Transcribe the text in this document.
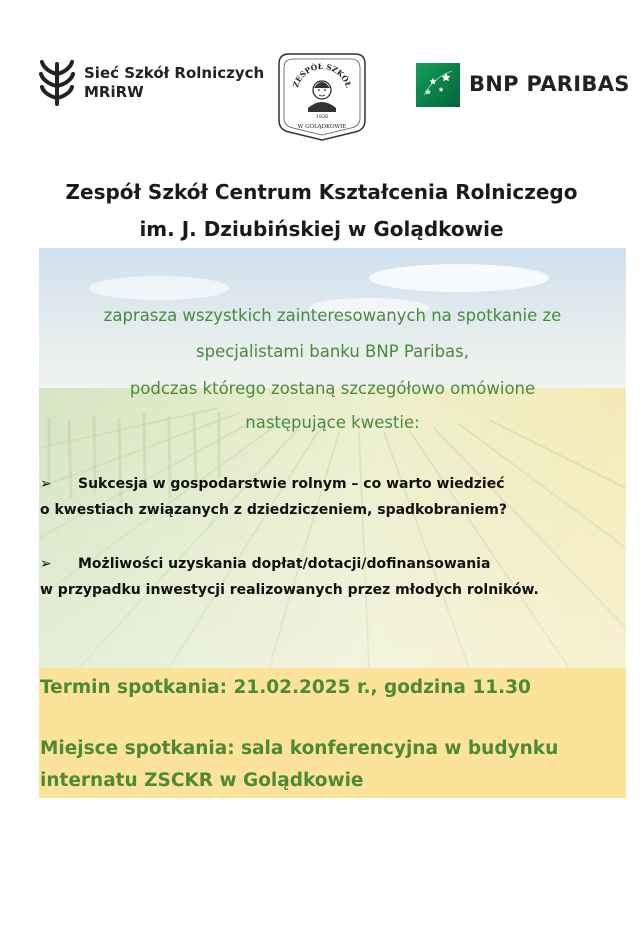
Sieć Szkół Rolniczych
MRiRW	ZESPÓŁ SZKÓŁ
1926
W GOLĄDKOWIE
BNP PARIBAS
Zespół Szkół Centrum Kształcenia Rolniczego
im. J. Dziubińskiej w Golądkowie
zaprasza wszystkich zainteresowanych na spotkanie ze
specjalistami banku BNP Paribas,
podczas którego zostaną szczegółowo omówione
następujące kwestie:
➢ Sukcesja w gospodarstwie rolnym – co warto wiedzieć
o kwestiach związanych z dziedziczeniem, spadkobraniem?
➢ Możliwości uzyskania dopłat/dotacji/dofinansowania
w przypadku inwestycji realizowanych przez młodych rolników.
Termin spotkania: 21.02.2025 r., godzina 11.30
Miejsce spotkania: sala konferencyjna w budynku
internatu ZSCKR w Golądkowie
